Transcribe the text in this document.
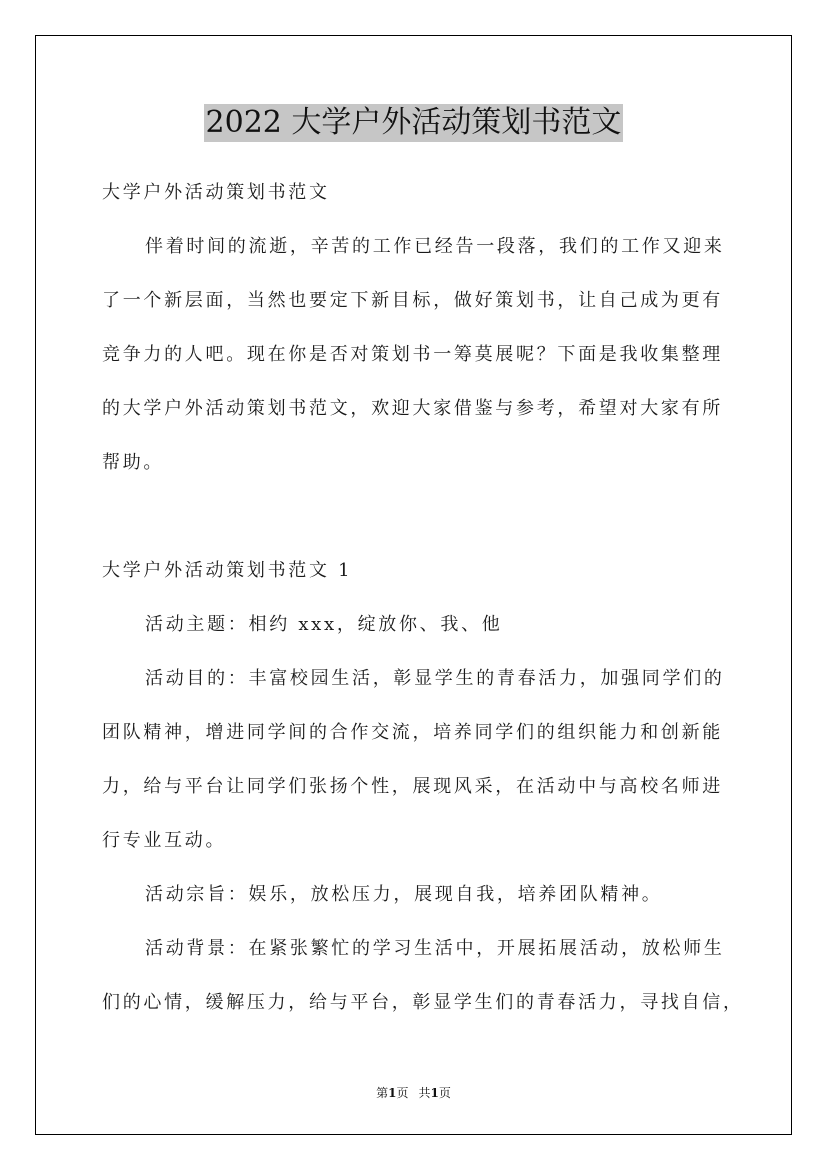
2022 大学户外活动策划书范文
大学户外活动策划书范文
伴着时间的流逝，辛苦的工作已经告一段落，我们的工作又迎来
了一个新层面，当然也要定下新目标，做好策划书，让自己成为更有
竞争力的人吧。现在你是否对策划书一筹莫展呢？下面是我收集整理
的大学户外活动策划书范文，欢迎大家借鉴与参考，希望对大家有所
帮助。
大学户外活动策划书范文 1
活动主题：相约 xxx，绽放你、我、他
活动目的：丰富校园生活，彰显学生的青春活力，加强同学们的
团队精神，增进同学间的合作交流，培养同学们的组织能力和创新能
力，给与平台让同学们张扬个性，展现风采，在活动中与高校名师进
行专业互动。
活动宗旨：娱乐，放松压力，展现自我，培养团队精神。
活动背景：在紧张繁忙的学习生活中，开展拓展活动，放松师生
们的心情，缓解压力，给与平台，彰显学生们的青春活力，寻找自信，
第1页 共1页
